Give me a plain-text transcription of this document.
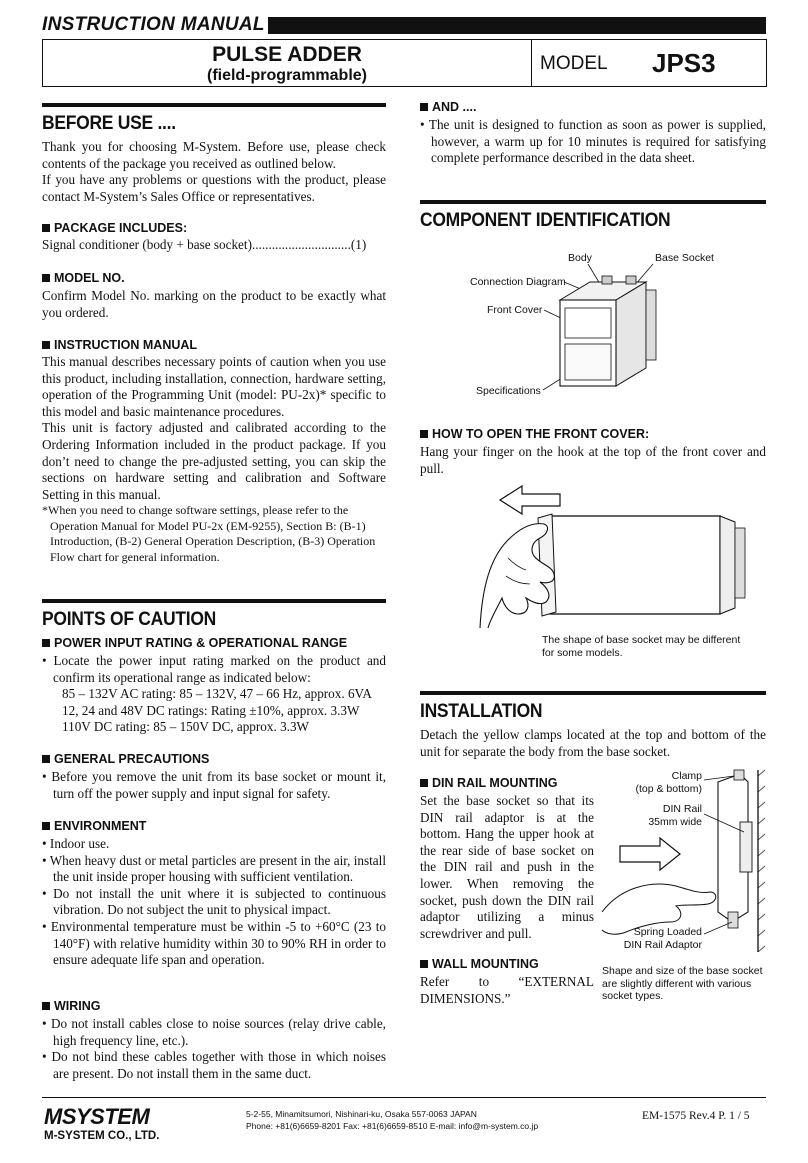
INSTRUCTION MANUAL
PULSE ADDER
(field-programmable)
MODEL JPS3
BEFORE USE ....

Thank you for choosing M-System. Before use, please check contents of the package you received as outlined below.

If you have any problems or questions with the product, please contact M-System’s Sales Office or representatives.

PACKAGE INCLUDES:
Signal conditioner (body + base socket)..............................(1)
MODEL NO.
Confirm Model No. marking on the product to be exactly what you ordered.
INSTRUCTION MANUAL

This manual describes necessary points of caution when you use this product, including installation, connection, hardware setting, operation of the Programming Unit (model: PU-2x)* specific to this model and basic maintenance procedures.

This unit is factory adjusted and calibrated according to the Ordering Information included in the product package. If you don’t need to change the pre-adjusted setting, you can skip the sections on hardware setting and calibration and Software Setting in this manual.

*When you need to change software settings, please refer to the Operation Manual for Model PU-2x (EM-9255), Section B: (B-1) Introduction, (B-2) General Operation Description, (B-3) Operation Flow chart for general information.

POINTS OF CAUTION
POWER INPUT RATING & OPERATIONAL RANGE

• Locate the power input rating marked on the product and confirm its operational range as indicated below:

85 – 132V AC rating: 85 – 132V, 47 – 66 Hz, approx. 6VA

12, 24 and 48V DC ratings: Rating ±10%, approx. 3.3W

110V DC rating: 85 – 150V DC, approx. 3.3W

GENERAL PRECAUTIONS

• Before you remove the unit from its base socket or mount it, turn off the power supply and input signal for safety.

ENVIRONMENT

• Indoor use.

• When heavy dust or metal particles are present in the air, install the unit inside proper housing with sufficient ventilation.

• Do not install the unit where it is subjected to continuous vibration. Do not subject the unit to physical impact.

• Environmental temperature must be within -5 to +60°C (23 to 140°F) with relative humidity within 30 to 90% RH in order to ensure adequate life span and operation.

WIRING

• Do not install cables close to noise sources (relay drive cable, high frequency line, etc.).

• Do not bind these cables together with those in which noises are present. Do not install them in the same duct.

AND ....

• The unit is designed to function as soon as power is supplied, however, a warm up for 10 minutes is required for satisfying complete performance described in the data sheet.

COMPONENT IDENTIFICATION
Body	Base Socket
Connection Diagram
Front Cover
Specifications
HOW TO OPEN THE FRONT COVER:
Hang your finger on the hook at the top of the front cover and pull.
The shape of base socket may be different
for some models.
INSTALLATION
Detach the yellow clamps located at the top and bottom of the unit for separate the body from the base socket.
DIN RAIL MOUNTING
Set the base socket so that its DIN rail adaptor is at the bottom. Hang the upper hook at the rear side of base socket on the DIN rail and push in the lower. When removing the socket, push down the DIN rail adaptor utilizing a minus screwdriver and pull.
WALL MOUNTING
Refer to “EXTERNAL DIMENSIONS.”
Clamp
(top & bottom)
DIN Rail
35mm wide
Spring Loaded
DIN Rail Adaptor
Shape and size of the base socket
are slightly different with various
socket types.
MSYSTEM
M-SYSTEM CO., LTD.
5-2-55, Minamitsumori, Nishinari-ku, Osaka 557-0063 JAPAN
Phone: +81(6)6659-8201 Fax: +81(6)6659-8510 E-mail: info@m-system.co.jp
EM-1575 Rev.4 P. 1 / 5
